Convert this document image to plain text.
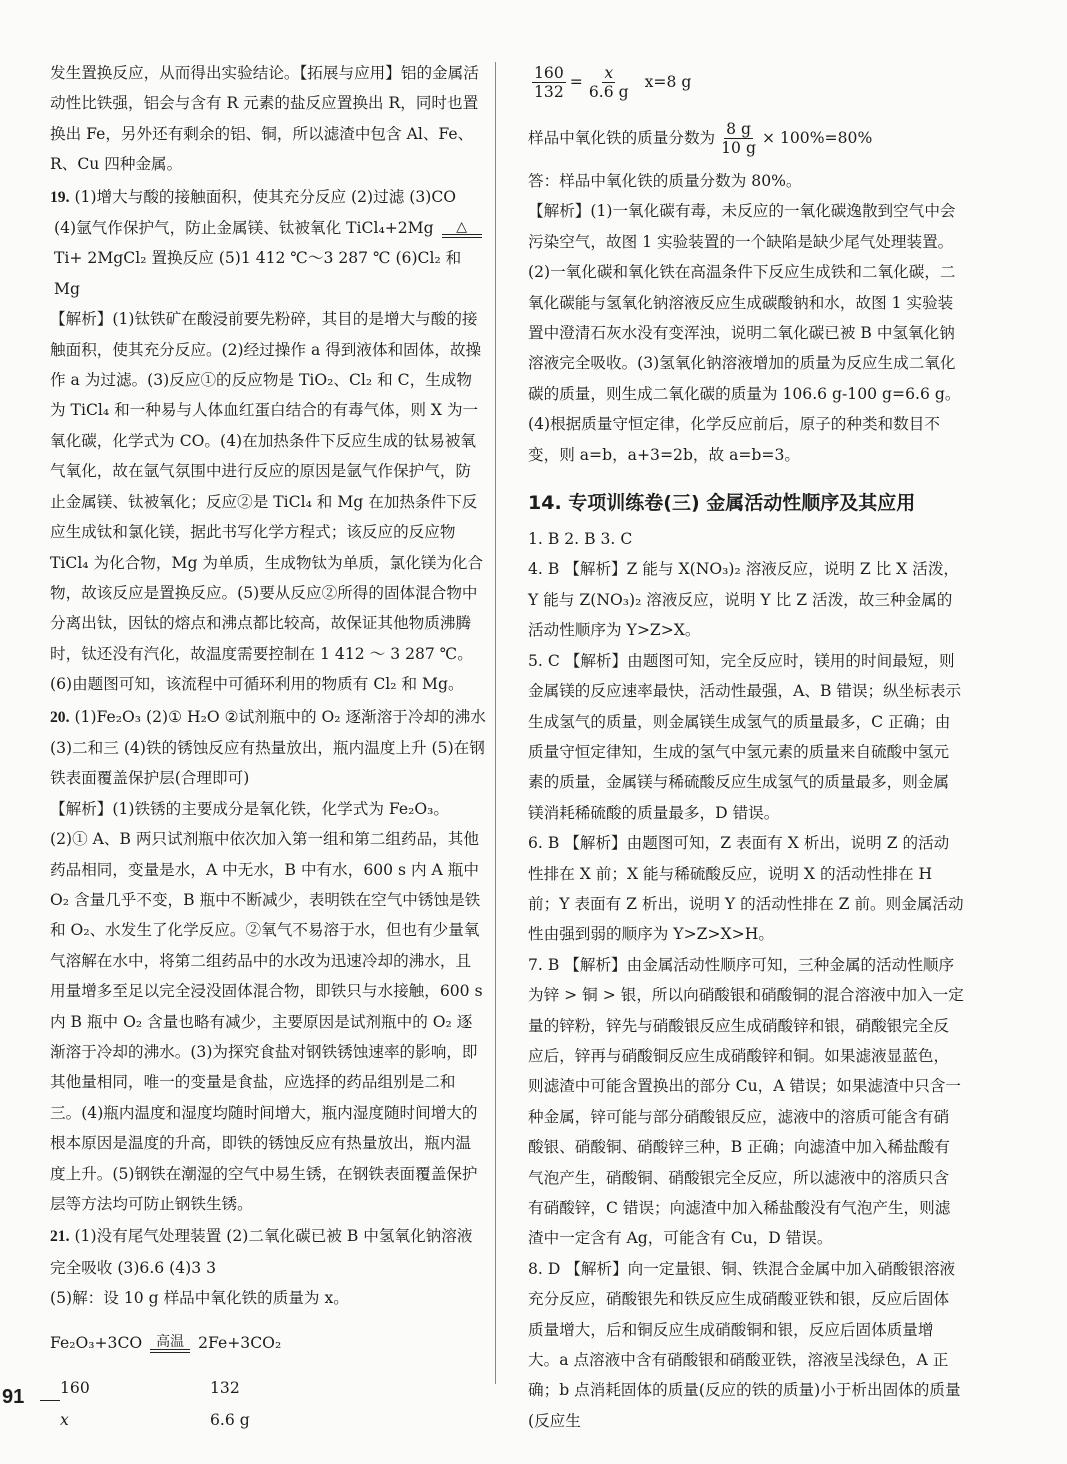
发生置换反应，从而得出实验结论。【拓展与应用】铝的金属活动性比铁强，铝会与含有 R 元素的盐反应置换出 R，同时也置换出 Fe，另外还有剩余的铝、铜，所以滤渣中包含 Al、Fe、R、Cu 四种金属。

19. (1)增大与酸的接触面积，使其充分反应 (2)过滤 (3)CO

(4)氩气作保护气，防止金属镁、钛被氧化 TiCl₄+2Mg △
Ti+ 2MgCl₂ 置换反应 (5)1 412 ℃～3 287 ℃ (6)Cl₂ 和 Mg

【解析】(1)钛铁矿在酸浸前要先粉碎，其目的是增大与酸的接触面积，使其充分反应。(2)经过操作 a 得到液体和固体，故操作 a 为过滤。(3)反应①的反应物是 TiO₂、Cl₂ 和 C，生成物为 TiCl₄ 和一种易与人体血红蛋白结合的有毒气体，则 X 为一氧化碳，化学式为 CO。(4)在加热条件下反应生成的钛易被氧气氧化，故在氩气氛围中进行反应的原因是氩气作保护气，防止金属镁、钛被氧化；反应②是 TiCl₄ 和 Mg 在加热条件下反应生成钛和氯化镁，据此书写化学方程式；该反应的反应物 TiCl₄ 为化合物，Mg 为单质，生成物钛为单质，氯化镁为化合物，故该反应是置换反应。(5)要从反应②所得的固体混合物中分离出钛，因钛的熔点和沸点都比较高，故保证其他物质沸腾时，钛还没有汽化，故温度需要控制在 1 412 ～ 3 287 ℃。(6)由题图可知，该流程中可循环利用的物质有 Cl₂ 和 Mg。

20. (1)Fe₂O₃ (2)① H₂O ②试剂瓶中的 O₂ 逐渐溶于冷却的沸水 (3)二和三 (4)铁的锈蚀反应有热量放出，瓶内温度上升 (5)在钢铁表面覆盖保护层(合理即可)

【解析】(1)铁锈的主要成分是氧化铁，化学式为 Fe₂O₃。(2)① A、B 两只试剂瓶中依次加入第一组和第二组药品，其他药品相同，变量是水，A 中无水，B 中有水，600 s 内 A 瓶中 O₂ 含量几乎不变，B 瓶中不断减少，表明铁在空气中锈蚀是铁和 O₂、水发生了化学反应。②氧气不易溶于水，但也有少量氧气溶解在水中，将第二组药品中的水改为迅速冷却的沸水，且用量增多至足以完全浸没固体混合物，即铁只与水接触，600 s 内 B 瓶中 O₂ 含量也略有减少，主要原因是试剂瓶中的 O₂ 逐渐溶于冷却的沸水。(3)为探究食盐对钢铁锈蚀速率的影响，即其他量相同，唯一的变量是食盐，应选择的药品组别是二和三。(4)瓶内温度和湿度均随时间增大，瓶内湿度随时间增大的根本原因是温度的升高，即铁的锈蚀反应有热量放出，瓶内温度上升。(5)钢铁在潮湿的空气中易生锈，在钢铁表面覆盖保护层等方法均可防止钢铁生锈。

21. (1)没有尾气处理装置 (2)二氧化碳已被 B 中氢氧化钠溶液完全吸收 (3)6.6 (4)3 3

(5)解：设 10 g 样品中氧化铁的质量为 x。

Fe₂O₃+3CO 高温 2Fe+3CO₂

160	132
x	6.6 g
$\frac{160}{132} = \frac{x}{6.6 g} x=8$ g
样品中氧化铁的质量分数为 $\frac{8 g}{10 g} \times 100\%=80\%$

答：样品中氧化铁的质量分数为 80%。

【解析】(1)一氧化碳有毒，未反应的一氧化碳逸散到空气中会污染空气，故图 1 实验装置的一个缺陷是缺少尾气处理装置。(2)一氧化碳和氧化铁在高温条件下反应生成铁和二氧化碳，二氧化碳能与氢氧化钠溶液反应生成碳酸钠和水，故图 1 实验装置中澄清石灰水没有变浑浊，说明二氧化碳已被 B 中氢氧化钠溶液完全吸收。(3)氢氧化钠溶液增加的质量为反应生成二氧化碳的质量，则生成二氧化碳的质量为 106.6 g-100 g=6.6 g。(4)根据质量守恒定律，化学反应前后，原子的种类和数目不变，则 a=b，a+3=2b，故 a=b=3。

14. 专项训练卷(三) 金属活动性顺序及其应用

1. B 2. B 3. C

4. B 【解析】Z 能与 X(NO₃)₂ 溶液反应，说明 Z 比 X 活泼，Y 能与 Z(NO₃)₂ 溶液反应，说明 Y 比 Z 活泼，故三种金属的活动性顺序为 Y>Z>X。

5. C 【解析】由题图可知，完全反应时，镁用的时间最短，则金属镁的反应速率最快，活动性最强，A、B 错误；纵坐标表示生成氢气的质量，则金属镁生成氢气的质量最多，C 正确；由质量守恒定律知，生成的氢气中氢元素的质量来自硫酸中氢元素的质量，金属镁与稀硫酸反应生成氢气的质量最多，则金属镁消耗稀硫酸的质量最多，D 错误。

6. B 【解析】由题图可知，Z 表面有 X 析出，说明 Z 的活动性排在 X 前；X 能与稀硫酸反应，说明 X 的活动性排在 H 前；Y 表面有 Z 析出，说明 Y 的活动性排在 Z 前。则金属活动性由强到弱的顺序为 Y>Z>X>H。

7. B 【解析】由金属活动性顺序可知，三种金属的活动性顺序为锌 > 铜 > 银，所以向硝酸银和硝酸铜的混合溶液中加入一定量的锌粉，锌先与硝酸银反应生成硝酸锌和银，硝酸银完全反应后，锌再与硝酸铜反应生成硝酸锌和铜。如果滤液显蓝色，则滤渣中可能含置换出的部分 Cu，A 错误；如果滤渣中只含一种金属，锌可能与部分硝酸银反应，滤液中的溶质可能含有硝酸银、硝酸铜、硝酸锌三种，B 正确；向滤渣中加入稀盐酸有气泡产生，硝酸铜、硝酸银完全反应，所以滤液中的溶质只含有硝酸锌，C 错误；向滤渣中加入稀盐酸没有气泡产生，则滤渣中一定含有 Ag，可能含有 Cu，D 错误。

8. D 【解析】向一定量银、铜、铁混合金属中加入硝酸银溶液充分反应，硝酸银先和铁反应生成硝酸亚铁和银，反应后固体质量增大，后和铜反应生成硝酸铜和银，反应后固体质量增大。a 点溶液中含有硝酸银和硝酸亚铁，溶液呈浅绿色，A 正确；b 点消耗固体的质量(反应的铁的质量)小于析出固体的质量(反应生

91
